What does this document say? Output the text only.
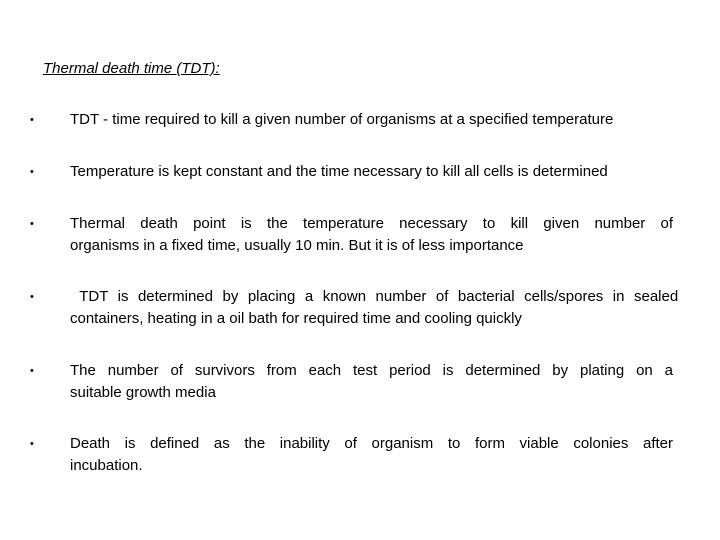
Thermal death time (TDT):
• TDT - time required to kill a given number of organisms at a specified temperature
• Temperature is kept constant and the time necessary to kill all cells is determined
• Thermal death point is the temperature necessary to kill given number of
organisms in a fixed time, usually 10 min. But it is of less importance
• TDT is determined by placing a known number of bacterial cells/spores in sealed
containers, heating in a oil bath for required time and cooling quickly
• The number of survivors from each test period is determined by plating on a
suitable growth media
• Death is defined as the inability of organism to form viable colonies after
incubation.
